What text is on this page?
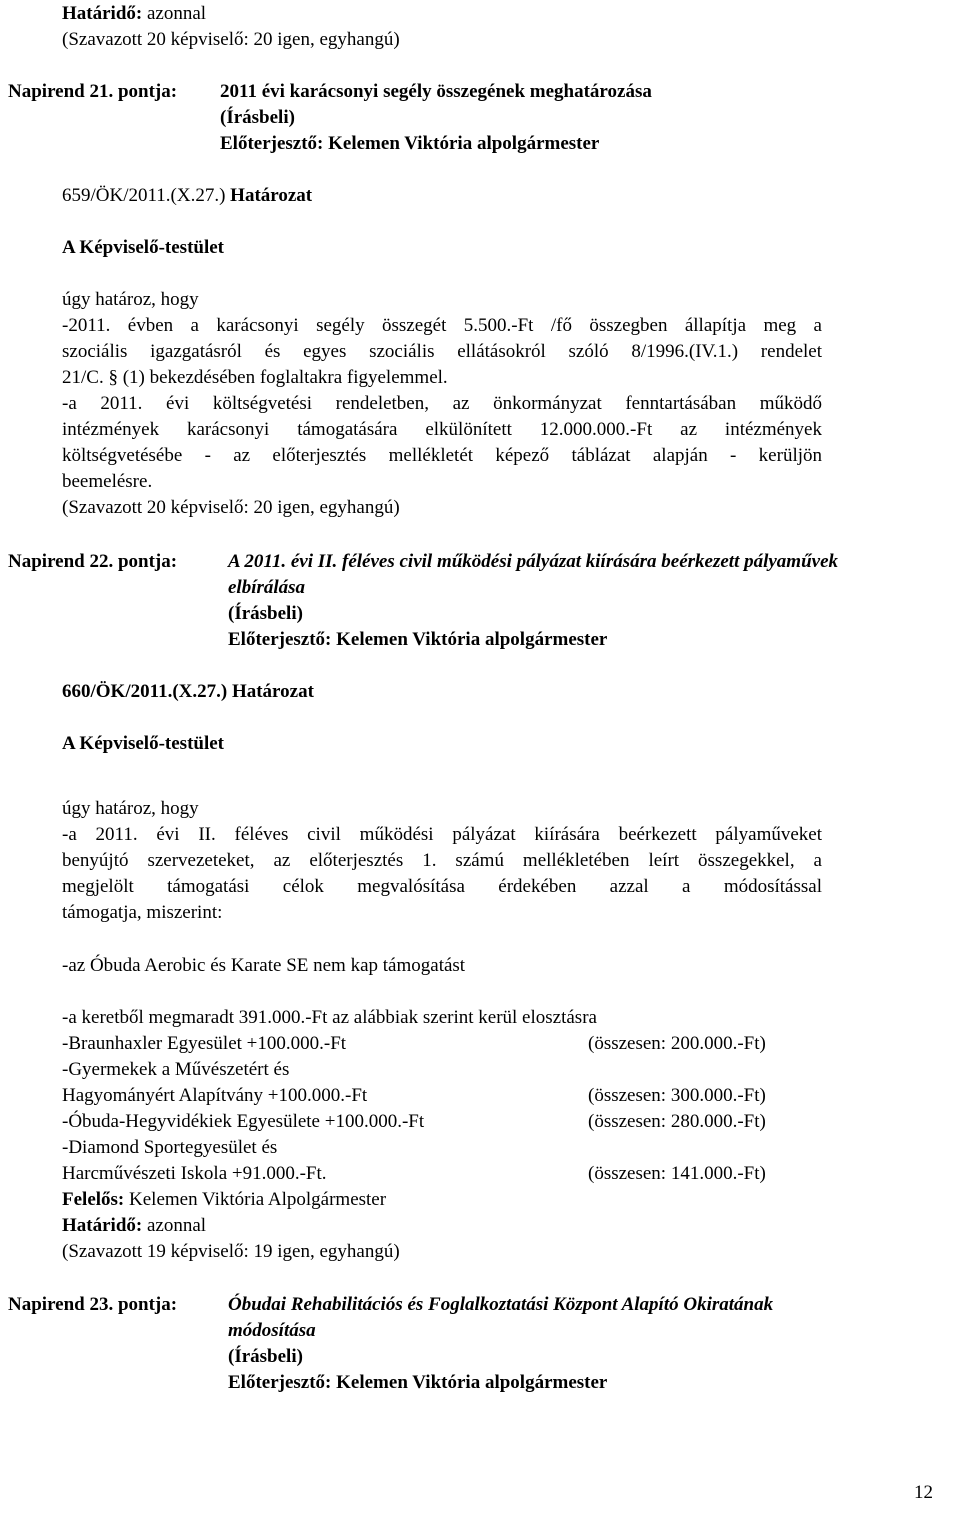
Határidő: azonnal
(Szavazott 20 képviselő: 20 igen, egyhangú)
Napirend 21. pontja: 2011 évi karácsonyi segély összegének meghatározása
(Írásbeli)
Előterjesztő: Kelemen Viktória alpolgármester
659/ÖK/2011.(X.27.) Határozat
A Képviselő-testület
úgy határoz, hogy
-2011. évben a karácsonyi segély összegét 5.500.-Ft /fő összegben állapítja meg a
szociális igazgatásról és egyes szociális ellátásokról szóló 8/1996.(IV.1.) rendelet
21/C. § (1) bekezdésében foglaltakra figyelemmel.
-a 2011. évi költségvetési rendeletben, az önkormányzat fenntartásában működő
intézmények karácsonyi támogatására elkülönített 12.000.000.-Ft az intézmények
költségvetésébe - az előterjesztés mellékletét képező táblázat alapján - kerüljön
beemelésre.
(Szavazott 20 képviselő: 20 igen, egyhangú)
Napirend 22. pontja:	A 2011. évi II. féléves civil működési pályázat kiírására beérkezett pályaművek
elbírálása
(Írásbeli)
Előterjesztő: Kelemen Viktória alpolgármester
660/ÖK/2011.(X.27.) Határozat
A Képviselő-testület
úgy határoz, hogy
-a 2011. évi II. féléves civil működési pályázat kiírására beérkezett pályaműveket
benyújtó szervezeteket, az előterjesztés 1. számú mellékletében leírt összegekkel, a
megjelölt támogatási célok megvalósítása érdekében azzal a módosítással
támogatja, miszerint:
-az Óbuda Aerobic és Karate SE nem kap támogatást
-a keretből megmaradt 391.000.-Ft az alábbiak szerint kerül elosztásra
-Braunhaxler Egyesület +100.000.-Ft	(összesen: 200.000.-Ft)
-Gyermekek a Művészetért és
Hagyományért Alapítvány +100.000.-Ft	(összesen: 300.000.-Ft)
-Óbuda-Hegyvidékiek Egyesülete +100.000.-Ft	(összesen: 280.000.-Ft)
-Diamond Sportegyesület és
Harcművészeti Iskola +91.000.-Ft.	(összesen: 141.000.-Ft)
Felelős: Kelemen Viktória Alpolgármester
Határidő: azonnal
(Szavazott 19 képviselő: 19 igen, egyhangú)
Napirend 23. pontja:	Óbudai Rehabilitációs és Foglalkoztatási Központ Alapító Okiratának
módosítása
(Írásbeli)
Előterjesztő: Kelemen Viktória alpolgármester
12
